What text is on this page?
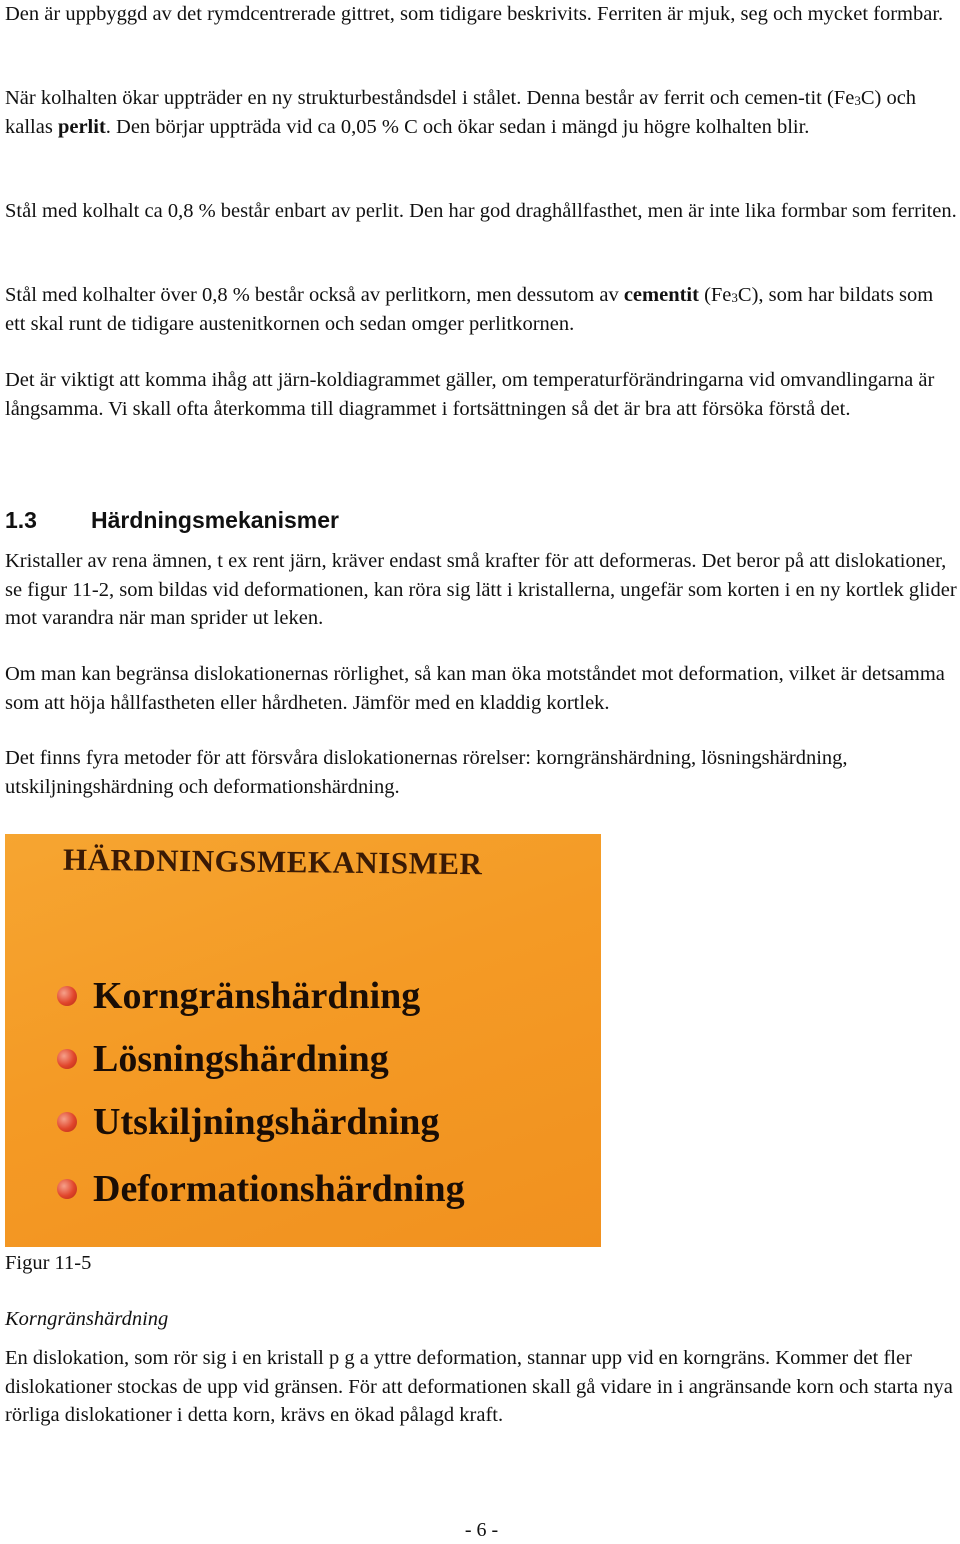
Den är uppbyggd av det rymdcentrerade gittret, som tidigare beskrivits. Ferriten är mjuk, seg och mycket formbar.

När kolhalten ökar uppträder en ny strukturbeståndsdel i stålet. Denna består av ferrit och cemen-tit $(Fe_3C)$ och kallas perlit. Den börjar uppträda vid ca 0,05 % C och ökar sedan i mängd ju högre kolhalten blir.

Stål med kolhalt ca 0,8 % består enbart av perlit. Den har god draghållfasthet, men är inte lika formbar som ferriten.

Stål med kolhalter över 0,8 % består också av perlitkorn, men dessutom av cementit $(Fe_3C)$, som har bildats som ett skal runt de tidigare austenitkornen och sedan omger perlitkornen.

Det är viktigt att komma ihåg att järn-koldiagrammet gäller, om temperaturförändringarna vid omvandlingarna är långsamma. Vi skall ofta återkomma till diagrammet i fortsättningen så det är bra att försöka förstå det.

1.3 Härdningsmekanismer

Kristaller av rena ämnen, t ex rent järn, kräver endast små krafter för att deformeras. Det beror på att dislokationer, se figur 11-2, som bildas vid deformationen, kan röra sig lätt i kristallerna, ungefär som korten i en ny kortlek glider mot varandra när man sprider ut leken.

Om man kan begränsa dislokationernas rörlighet, så kan man öka motståndet mot deformation, vilket är detsamma som att höja hållfastheten eller hårdheten. Jämför med en kladdig kortlek.

Det finns fyra metoder för att försvåra dislokationernas rörelser: korngränshärdning, lösningshärdning, utskiljningshärdning och deformationshärdning.

HÄRDNINGSMEKANISMER
Korngränshärdning
Lösningshärdning
Utskiljningshärdning
Deformationshärdning
Figur 11-5
Korngränshärdning

En dislokation, som rör sig i en kristall p g a yttre deformation, stannar upp vid en korngräns. Kommer det fler dislokationer stockas de upp vid gränsen. För att deformationen skall gå vidare in i angränsande korn och starta nya rörliga dislokationer i detta korn, krävs en ökad pålagd kraft.

- 6 -
